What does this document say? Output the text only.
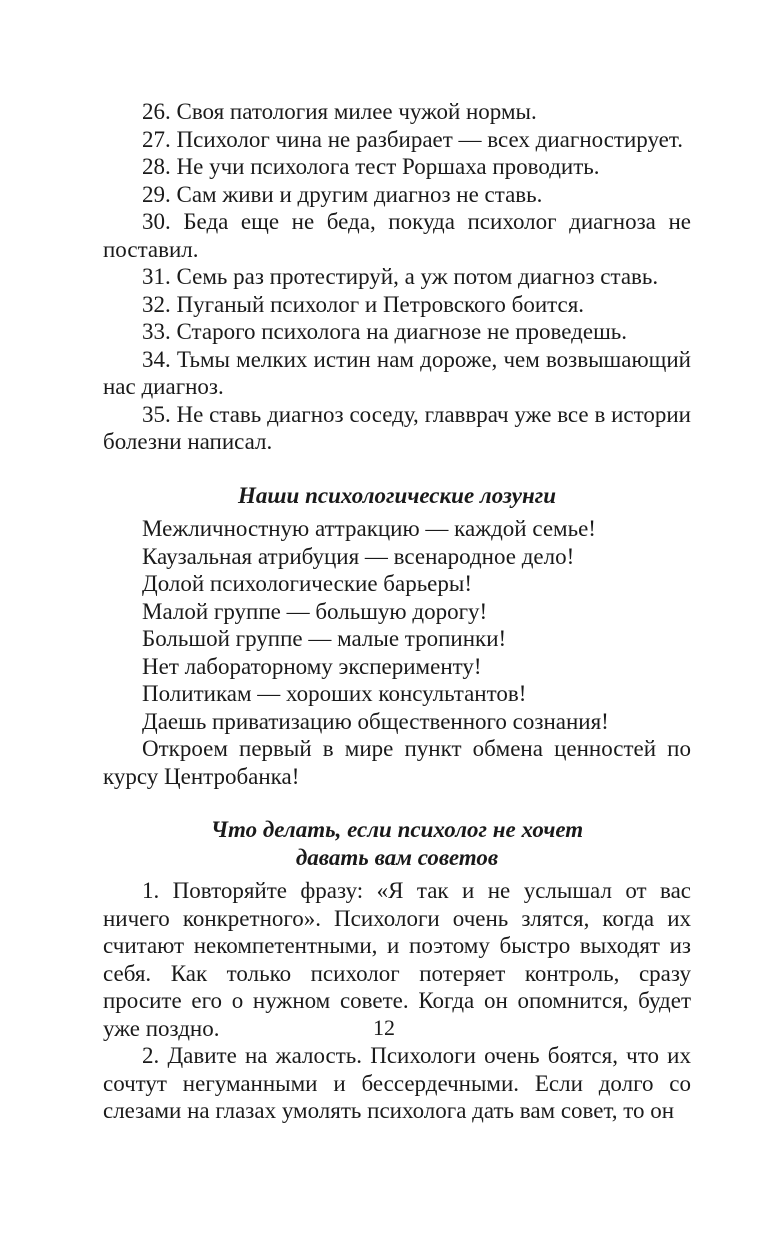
26. Своя патология милее чужой нормы.

27. Психолог чина не разбирает — всех диагностирует.

28. Не учи психолога тест Роршаха проводить.

29. Сам живи и другим диагноз не ставь.

30. Беда еще не беда, покуда психолог диагноза не поставил.

31. Семь раз протестируй, а уж потом диагноз ставь.

32. Пуганый психолог и Петровского боится.

33. Старого психолога на диагнозе не проведешь.

34. Тьмы мелких истин нам дороже, чем возвышающий нас диагноз.

35. Не ставь диагноз соседу, главврач уже все в истории болезни написал.

Наши психологические лозунги

Межличностную аттракцию — каждой семье!

Каузальная атрибуция — всенародное дело!

Долой психологические барьеры!

Малой группе — большую дорогу!

Большой группе — малые тропинки!

Нет лабораторному эксперименту!

Политикам — хороших консультантов!

Даешь приватизацию общественного сознания!

Откроем первый в мире пункт обмена ценностей по курсу Центробанка!

Что делать, если психолог не хочет
давать вам советов

1. Повторяйте фразу: «Я так и не услышал от вас ничего конкретного». Психологи очень злятся, когда их считают некомпетентными, и поэтому быстро выходят из себя. Как только психолог потеряет контроль, сразу просите его о нужном совете. Когда он опомнится, будет уже поздно.

2. Давите на жалость. Психологи очень боятся, что их сочтут негуманными и бессердечными. Если долго со слезами на глазах умолять психолога дать вам совет, то он

12
